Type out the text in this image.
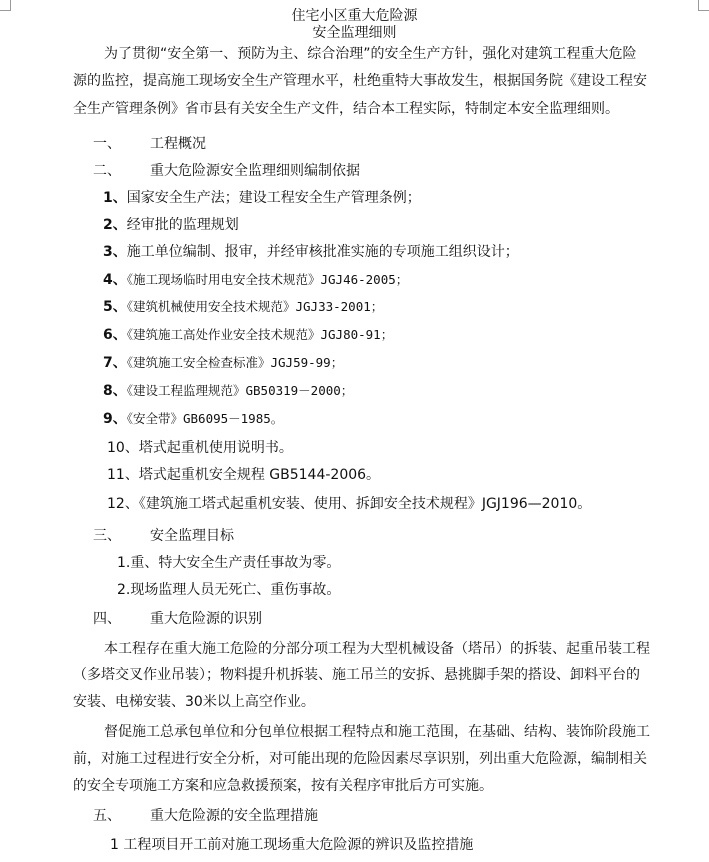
住宅小区重大危险源
安全监理细则
为了贯彻“安全第一、预防为主、综合治理”的安全生产方针，强化对建筑工程重大危险
源的监控，提高施工现场安全生产管理水平，杜绝重特大事故发生，根据国务院《建设工程安
全生产管理条例》省市县有关安全生产文件，结合本工程实际，特制定本安全监理细则。
一、 工程概况
二、 重大危险源安全监理细则编制依据
1、国家安全生产法；建设工程安全生产管理条例；
2、经审批的监理规划
3、施工单位编制、报审，并经审核批准实施的专项施工组织设计；
4、《施工现场临时用电安全技术规范》JGJ46-2005；
5、《建筑机械使用安全技术规范》JGJ33-2001；
6、《建筑施工高处作业安全技术规范》JGJ80-91；
7、《建筑施工安全检查标准》JGJ59-99；
8、《建设工程监理规范》GB50319－2000；
9、《安全带》GB6095－1985。
10、塔式起重机使用说明书。
11、塔式起重机安全规程 GB5144-2006。
12、《建筑施工塔式起重机安装、使用、拆卸安全技术规程》JGJ196—2010。
三、 安全监理目标
1.重、特大安全生产责任事故为零。
2.现场监理人员无死亡、重伤事故。
四、 重大危险源的识别
本工程存在重大施工危险的分部分项工程为大型机械设备（塔吊）的拆装、起重吊装工程
（多塔交叉作业吊装）；物料提升机拆装、施工吊兰的安拆、悬挑脚手架的搭设、卸料平台的
安装、电梯安装、30米以上高空作业。
督促施工总承包单位和分包单位根据工程特点和施工范围，在基础、结构、装饰阶段施工
前，对施工过程进行安全分析，对可能出现的危险因素尽享识别，列出重大危险源，编制相关
的安全专项施工方案和应急救援预案，按有关程序审批后方可实施。
五、 重大危险源的安全监理措施
1 工程项目开工前对施工现场重大危险源的辨识及监控措施
